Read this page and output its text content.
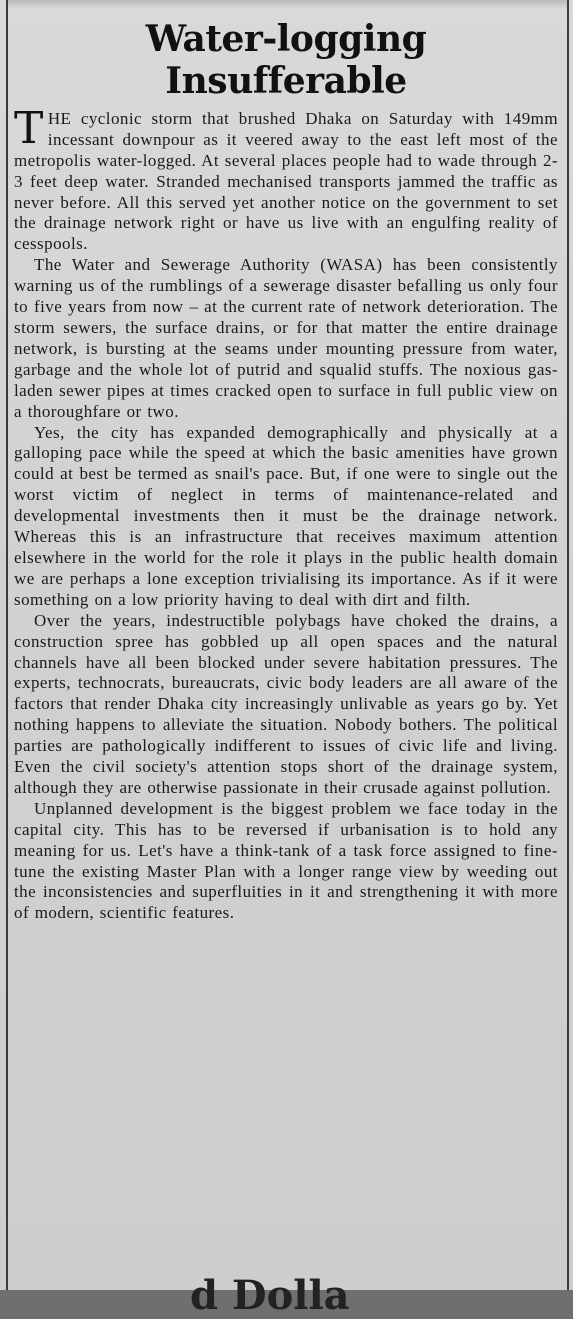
Water-logging
Insufferable

THE cyclonic storm that brushed Dhaka on Saturday with 149mm incessant downpour as it veered away to the east left most of the metropolis water-logged. At several places people had to wade through 2-3 feet deep water. Stranded mechanised transports jammed the traffic as never before. All this served yet another notice on the government to set the drainage network right or have us live with an engulfing reality of cesspools.

The Water and Sewerage Authority (WASA) has been consistently warning us of the rumblings of a sewerage disaster befalling us only four to five years from now – at the current rate of network deterioration. The storm sewers, the surface drains, or for that matter the entire drainage network, is bursting at the seams under mounting pressure from water, garbage and the whole lot of putrid and squalid stuffs. The noxious gas-laden sewer pipes at times cracked open to surface in full public view on a thoroughfare or two.

Yes, the city has expanded demographically and physically at a galloping pace while the speed at which the basic amenities have grown could at best be termed as snail's pace. But, if one were to single out the worst victim of neglect in terms of maintenance-related and developmental investments then it must be the drainage network. Whereas this is an infrastructure that receives maximum attention elsewhere in the world for the role it plays in the public health domain we are perhaps a lone exception trivialising its importance. As if it were something on a low priority having to deal with dirt and filth.

Over the years, indestructible polybags have choked the drains, a construction spree has gobbled up all open spaces and the natural channels have all been blocked under severe habitation pressures. The experts, technocrats, bureaucrats, civic body leaders are all aware of the factors that render Dhaka city increasingly unlivable as years go by. Yet nothing happens to alleviate the situation. Nobody bothers. The political parties are pathologically indifferent to issues of civic life and living. Even the civil society's attention stops short of the drainage system, although they are otherwise passionate in their crusade against pollution.

Unplanned development is the biggest problem we face today in the capital city. This has to be reversed if urbanisation is to hold any meaning for us. Let's have a think-tank of a task force assigned to fine-tune the existing Master Plan with a longer range view by weeding out the inconsistencies and superfluities in it and strengthening it with more of modern, scientific features.

d Dolla
